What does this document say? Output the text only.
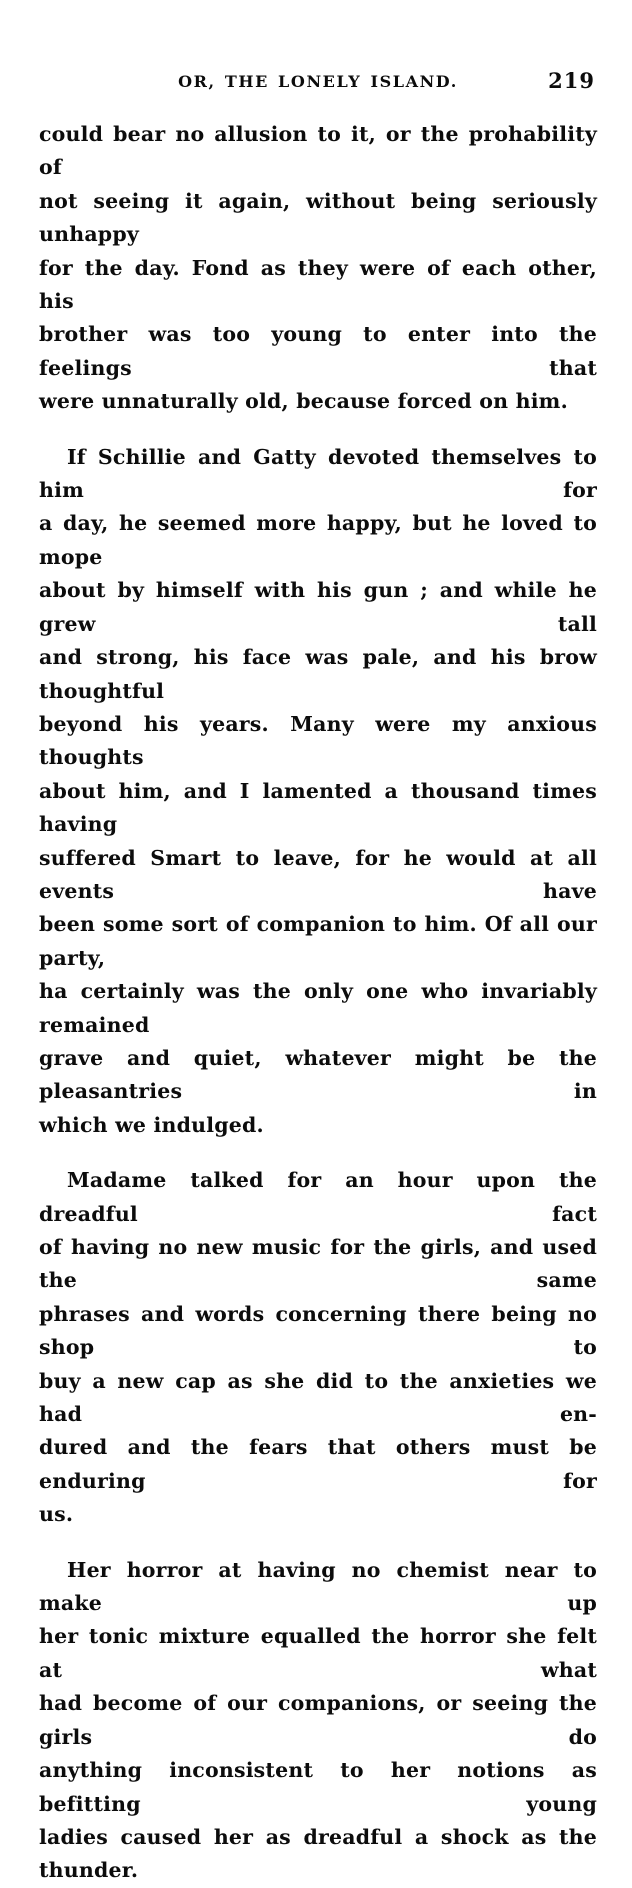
OR, THE LONELY ISLAND.	219
could bear no allusion to it, or the prohability of
not seeing it again, without being seriously unhappy
for the day. Fond as they were of each other, his
brother was too young to enter into the feelings that
were unnaturally old, because forced on him.
If Schillie and Gatty devoted themselves to him for
a day, he seemed more happy, but he loved to mope
about by himself with his gun ; and while he grew tall
and strong, his face was pale, and his brow thoughtful
beyond his years. Many were my anxious thoughts
about him, and I lamented a thousand times having
suffered Smart to leave, for he would at all events have
been some sort of companion to him. Of all our party,
ha certainly was the only one who invariably remained
grave and quiet, whatever might be the pleasantries in
which we indulged.
Madame talked for an hour upon the dreadful fact
of having no new music for the girls, and used the same
phrases and words concerning there being no shop to
buy a new cap as she did to the anxieties we had en-
dured and the fears that others must be enduring for
us.
Her horror at having no chemist near to make up
her tonic mixture equalled the horror she felt at what
had become of our companions, or seeing the girls do
anything inconsistent to her notions as befitting young
ladies caused her as dreadful a shock as the thunder.
